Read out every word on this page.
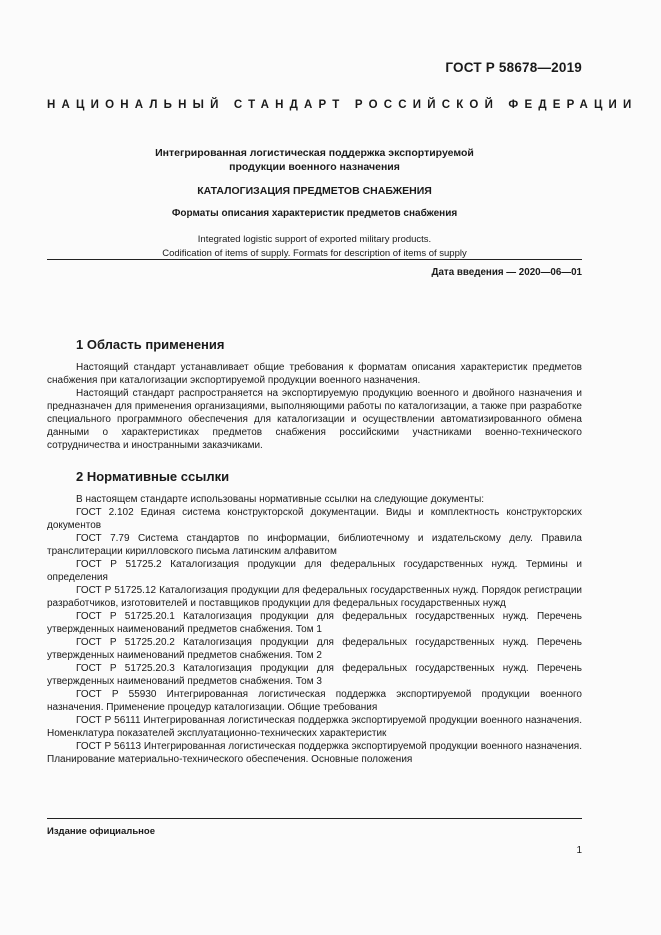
ГОСТ Р 58678—2019
НАЦИОНАЛЬНЫЙ СТАНДАРТ РОССИЙСКОЙ ФЕДЕРАЦИИ
Интегрированная логистическая поддержка экспортируемой
продукции военного назначения
КАТАЛОГИЗАЦИЯ ПРЕДМЕТОВ СНАБЖЕНИЯ
Форматы описания характеристик предметов снабжения
Integrated logistic support of exported military products.
Codification of items of supply. Formats for description of items of supply
Дата введения — 2020—06—01
1 Область применения

Настоящий стандарт устанавливает общие требования к форматам описания характеристик предметов снабжения при каталогизации экспортируемой продукции военного назначения.

Настоящий стандарт распространяется на экспортируемую продукцию военного и двойного назначения и предназначен для применения организациями, выполняющими работы по каталогизации, а также при разработке специального программного обеспечения для каталогизации и осуществлении автоматизированного обмена данными о характеристиках предметов снабжения российскими участниками военно-технического сотрудничества и иностранными заказчиками.

2 Нормативные ссылки

В настоящем стандарте использованы нормативные ссылки на следующие документы:

ГОСТ 2.102 Единая система конструкторской документации. Виды и комплектность конструкторских документов

ГОСТ 7.79 Система стандартов по информации, библиотечному и издательскому делу. Правила транслитерации кирилловского письма латинским алфавитом

ГОСТ Р 51725.2 Каталогизация продукции для федеральных государственных нужд. Термины и определения

ГОСТ Р 51725.12 Каталогизация продукции для федеральных государственных нужд. Порядок регистрации разработчиков, изготовителей и поставщиков продукции для федеральных государственных нужд

ГОСТ Р 51725.20.1 Каталогизация продукции для федеральных государственных нужд. Перечень утвержденных наименований предметов снабжения. Том 1

ГОСТ Р 51725.20.2 Каталогизация продукции для федеральных государственных нужд. Перечень утвержденных наименований предметов снабжения. Том 2

ГОСТ Р 51725.20.3 Каталогизация продукции для федеральных государственных нужд. Перечень утвержденных наименований предметов снабжения. Том 3

ГОСТ Р 55930 Интегрированная логистическая поддержка экспортируемой продукции военного назначения. Применение процедур каталогизации. Общие требования

ГОСТ Р 56111 Интегрированная логистическая поддержка экспортируемой продукции военного назначения. Номенклатура показателей эксплуатационно-технических характеристик

ГОСТ Р 56113 Интегрированная логистическая поддержка экспортируемой продукции военного назначения. Планирование материально-технического обеспечения. Основные положения

Издание официальное
1
